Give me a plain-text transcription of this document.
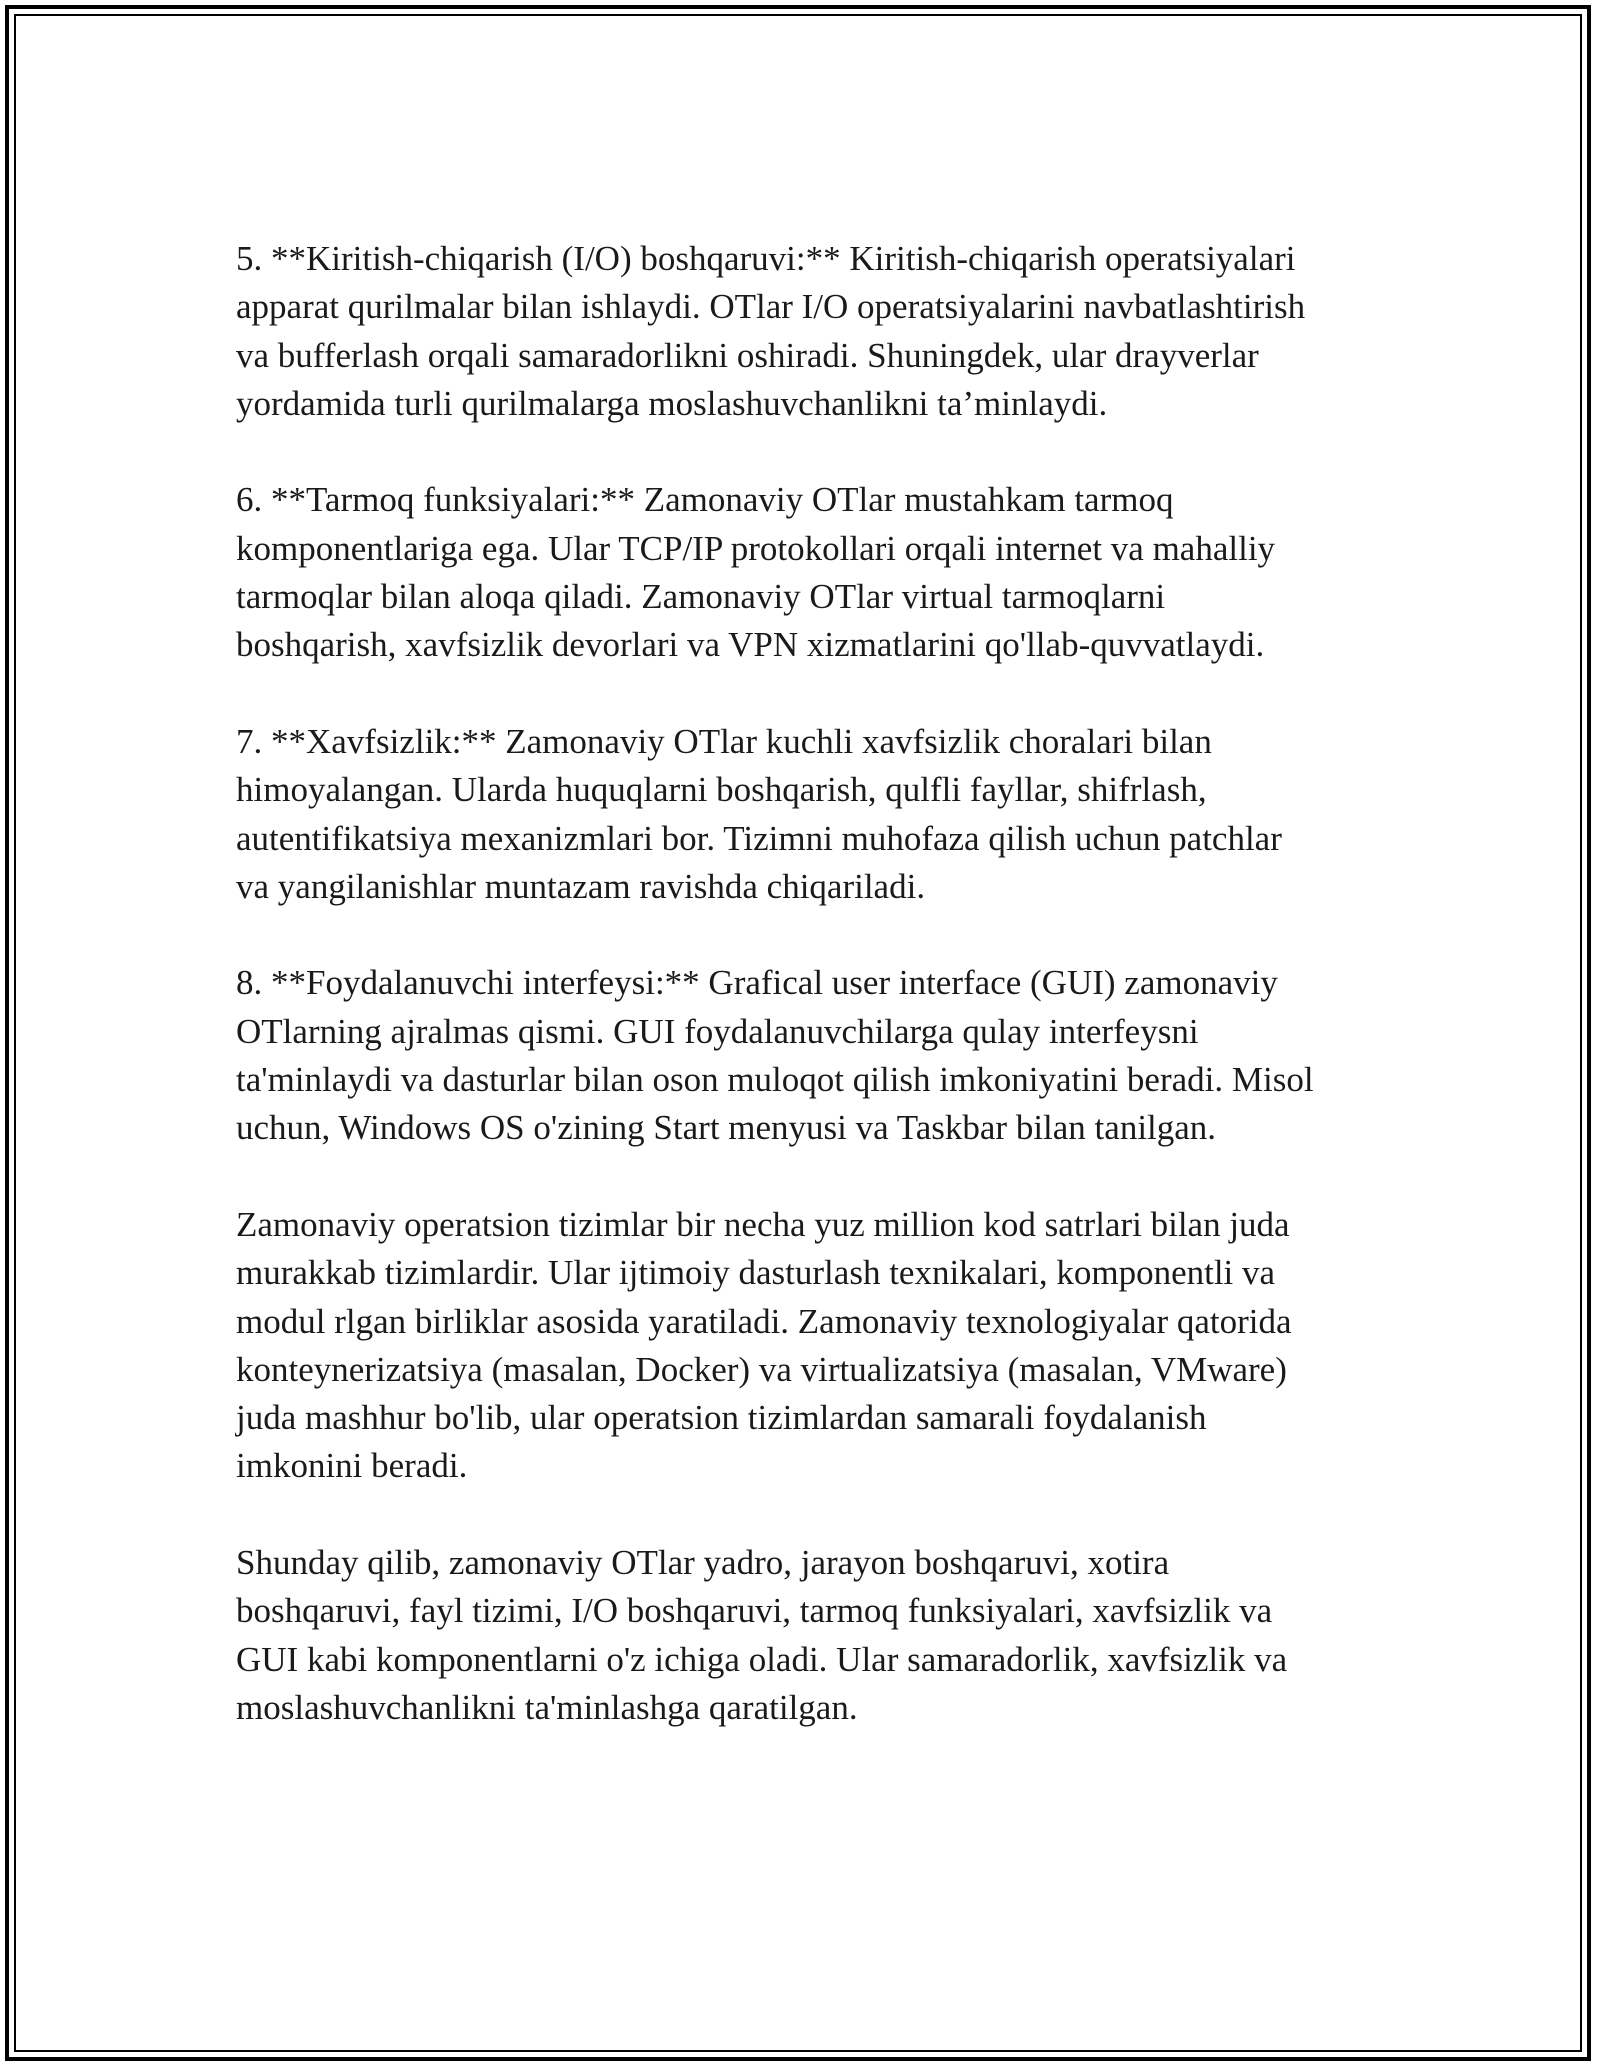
5. **Kiritish-chiqarish (I/O) boshqaruvi:** Kiritish-chiqarish operatsiyalari
apparat qurilmalar bilan ishlaydi. OTlar I/O operatsiyalarini navbatlashtirish
va bufferlash orqali samaradorlikni oshiradi. Shuningdek, ular drayverlar
yordamida turli qurilmalarga moslashuvchanlikni ta’minlaydi.

6. **Tarmoq funksiyalari:** Zamonaviy OTlar mustahkam tarmoq
komponentlariga ega. Ular TCP/IP protokollari orqali internet va mahalliy
tarmoqlar bilan aloqa qiladi. Zamonaviy OTlar virtual tarmoqlarni
boshqarish, xavfsizlik devorlari va VPN xizmatlarini qo'llab-quvvatlaydi.

7. **Xavfsizlik:** Zamonaviy OTlar kuchli xavfsizlik choralari bilan
himoyalangan. Ularda huquqlarni boshqarish, qulfli fayllar, shifrlash,
autentifikatsiya mexanizmlari bor. Tizimni muhofaza qilish uchun patchlar
va yangilanishlar muntazam ravishda chiqariladi.

8. **Foydalanuvchi interfeysi:** Grafical user interface (GUI) zamonaviy
OTlarning ajralmas qismi. GUI foydalanuvchilarga qulay interfeysni
ta'minlaydi va dasturlar bilan oson muloqot qilish imkoniyatini beradi. Misol
uchun, Windows OS o'zining Start menyusi va Taskbar bilan tanilgan.

Zamonaviy operatsion tizimlar bir necha yuz million kod satrlari bilan juda
murakkab tizimlardir. Ular ijtimoiy dasturlash texnikalari, komponentli va
modul rlgan birliklar asosida yaratiladi. Zamonaviy texnologiyalar qatorida
konteynerizatsiya (masalan, Docker) va virtualizatsiya (masalan, VMware)
juda mashhur bo'lib, ular operatsion tizimlardan samarali foydalanish
imkonini beradi.

Shunday qilib, zamonaviy OTlar yadro, jarayon boshqaruvi, xotira
boshqaruvi, fayl tizimi, I/O boshqaruvi, tarmoq funksiyalari, xavfsizlik va
GUI kabi komponentlarni o'z ichiga oladi. Ular samaradorlik, xavfsizlik va
moslashuvchanlikni ta'minlashga qaratilgan.
